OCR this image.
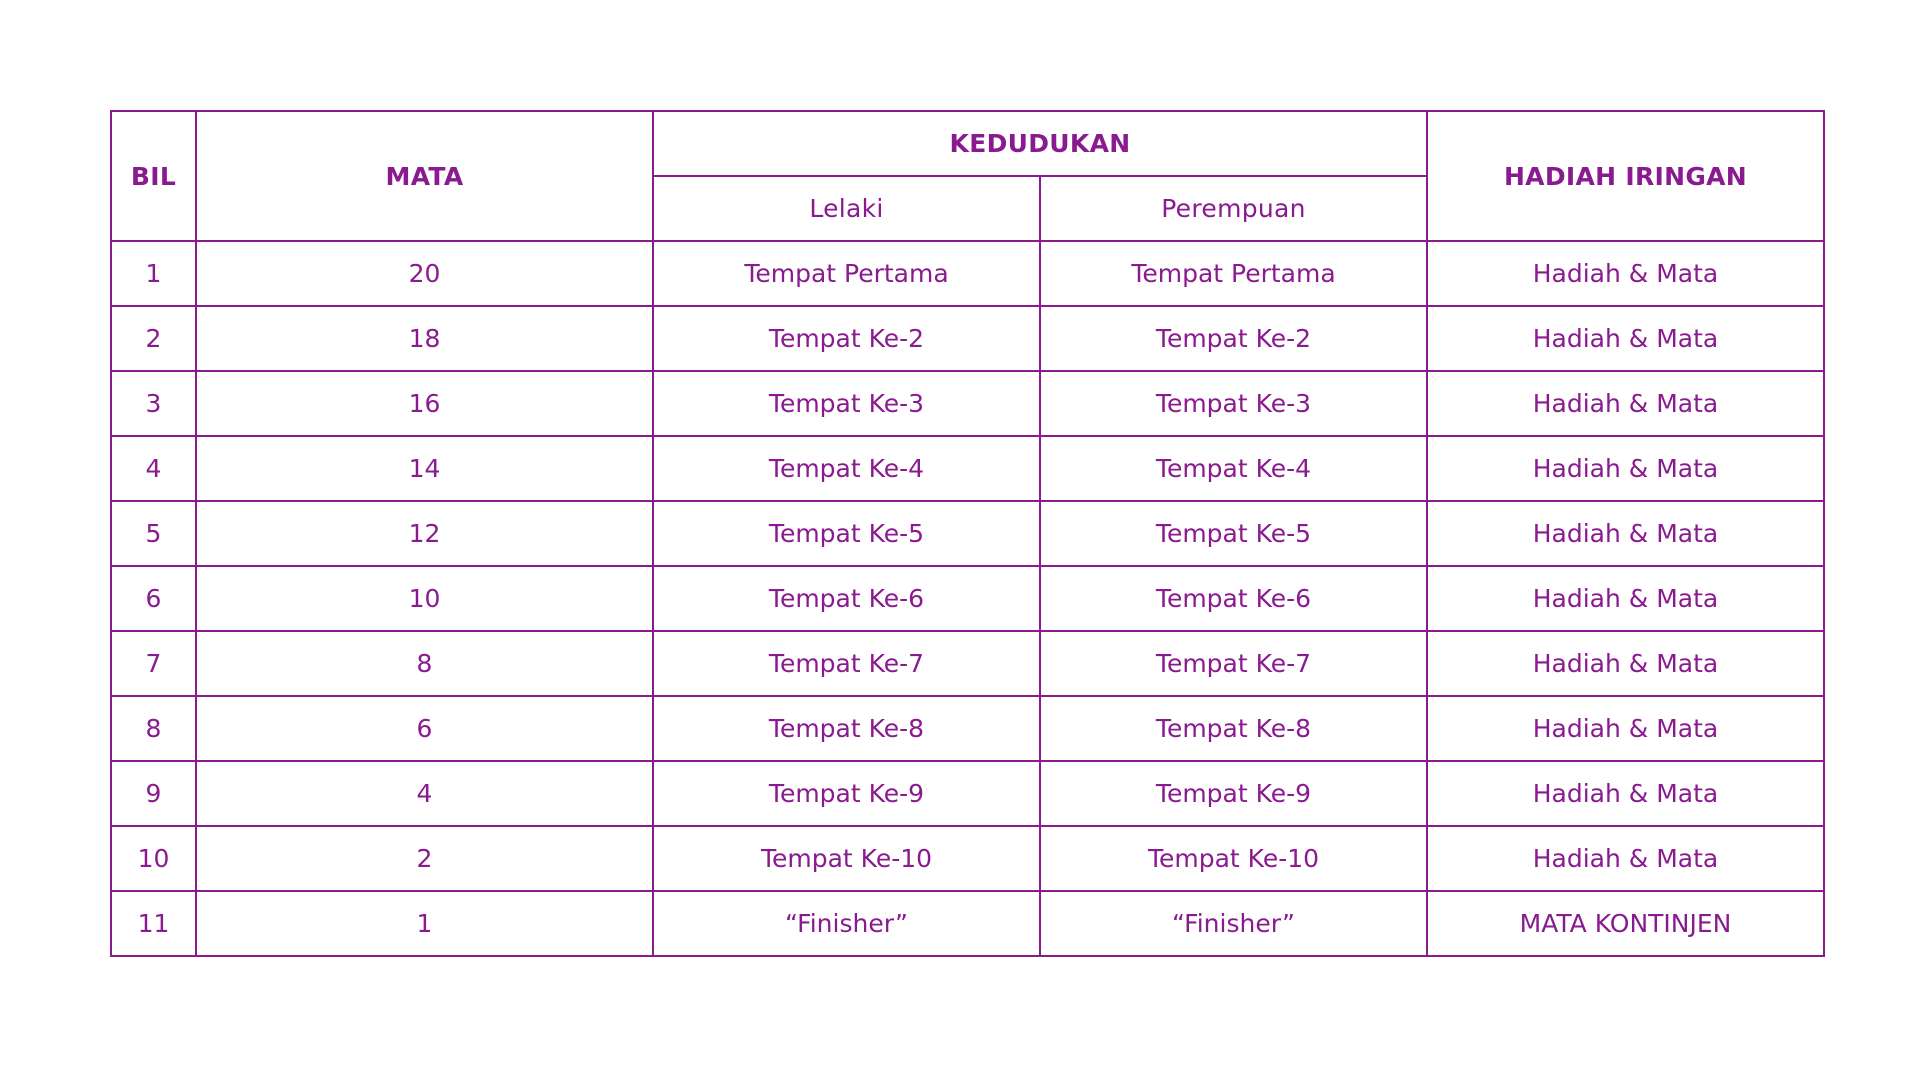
BIL	MATA	KEDUDUKAN		HADIAH IRINGAN
		Lelaki	Perempuan	
1	20	Tempat Pertama	Tempat Pertama	Hadiah & Mata
2	18	Tempat Ke-2	Tempat Ke-2	Hadiah & Mata
3	16	Tempat Ke-3	Tempat Ke-3	Hadiah & Mata
4	14	Tempat Ke-4	Tempat Ke-4	Hadiah & Mata
5	12	Tempat Ke-5	Tempat Ke-5	Hadiah & Mata
6	10	Tempat Ke-6	Tempat Ke-6	Hadiah & Mata
7	8	Tempat Ke-7	Tempat Ke-7	Hadiah & Mata
8	6	Tempat Ke-8	Tempat Ke-8	Hadiah & Mata
9	4	Tempat Ke-9	Tempat Ke-9	Hadiah & Mata
10	2	Tempat Ke-10	Tempat Ke-10	Hadiah & Mata
11	1	“Finisher”	“Finisher”	MATA KONTINJEN
